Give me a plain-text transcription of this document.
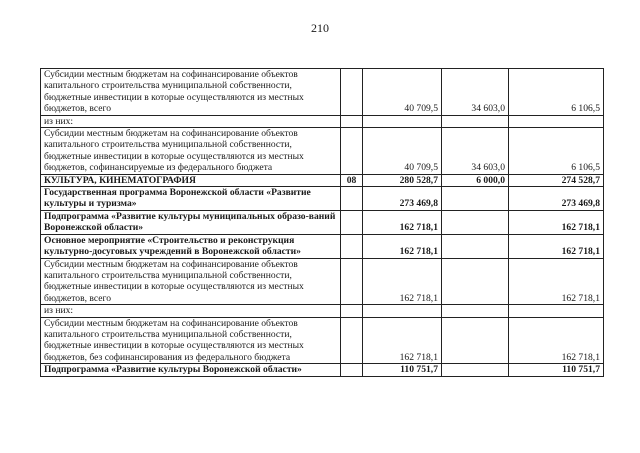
210
Субсидии местным бюджетам на софинансирование объектов капитального строительства муниципальной собственности, бюджетные инвестиции в которые осуществляются из местных бюджетов, всего		40 709,5	34 603,0	6 106,5
из них:				
Субсидии местным бюджетам на софинансирование объектов капитального строительства муниципальной собственности, бюджетные инвестиции в которые осуществляются из местных бюджетов, софинансируемые из федерального бюджета		40 709,5	34 603,0	6 106,5
КУЛЬТУРА, КИНЕМАТОГРАФИЯ	08	280 528,7	6 000,0	274 528,7
Государственная программа Воронежской области «Развитие культуры и туризма»		273 469,8		273 469,8
Подпрограмма «Развитие культуры муниципальных образо-ваний Воронежской области»		162 718,1		162 718,1
Основное мероприятие «Строительство и реконструкция культурно-досуговых учреждений в Воронежской области»		162 718,1		162 718,1
Субсидии местным бюджетам на софинансирование объектов капитального строительства муниципальной собственности, бюджетные инвестиции в которые осуществляются из местных бюджетов, всего		162 718,1		162 718,1
из них:				
Субсидии местным бюджетам на софинансирование объектов капитального строительства муниципальной собственности, бюджетные инвестиции в которые осуществляются из местных бюджетов, без софинансирования из федерального бюджета		162 718,1		162 718,1
Подпрограмма «Развитие культуры Воронежской области»		110 751,7		110 751,7
